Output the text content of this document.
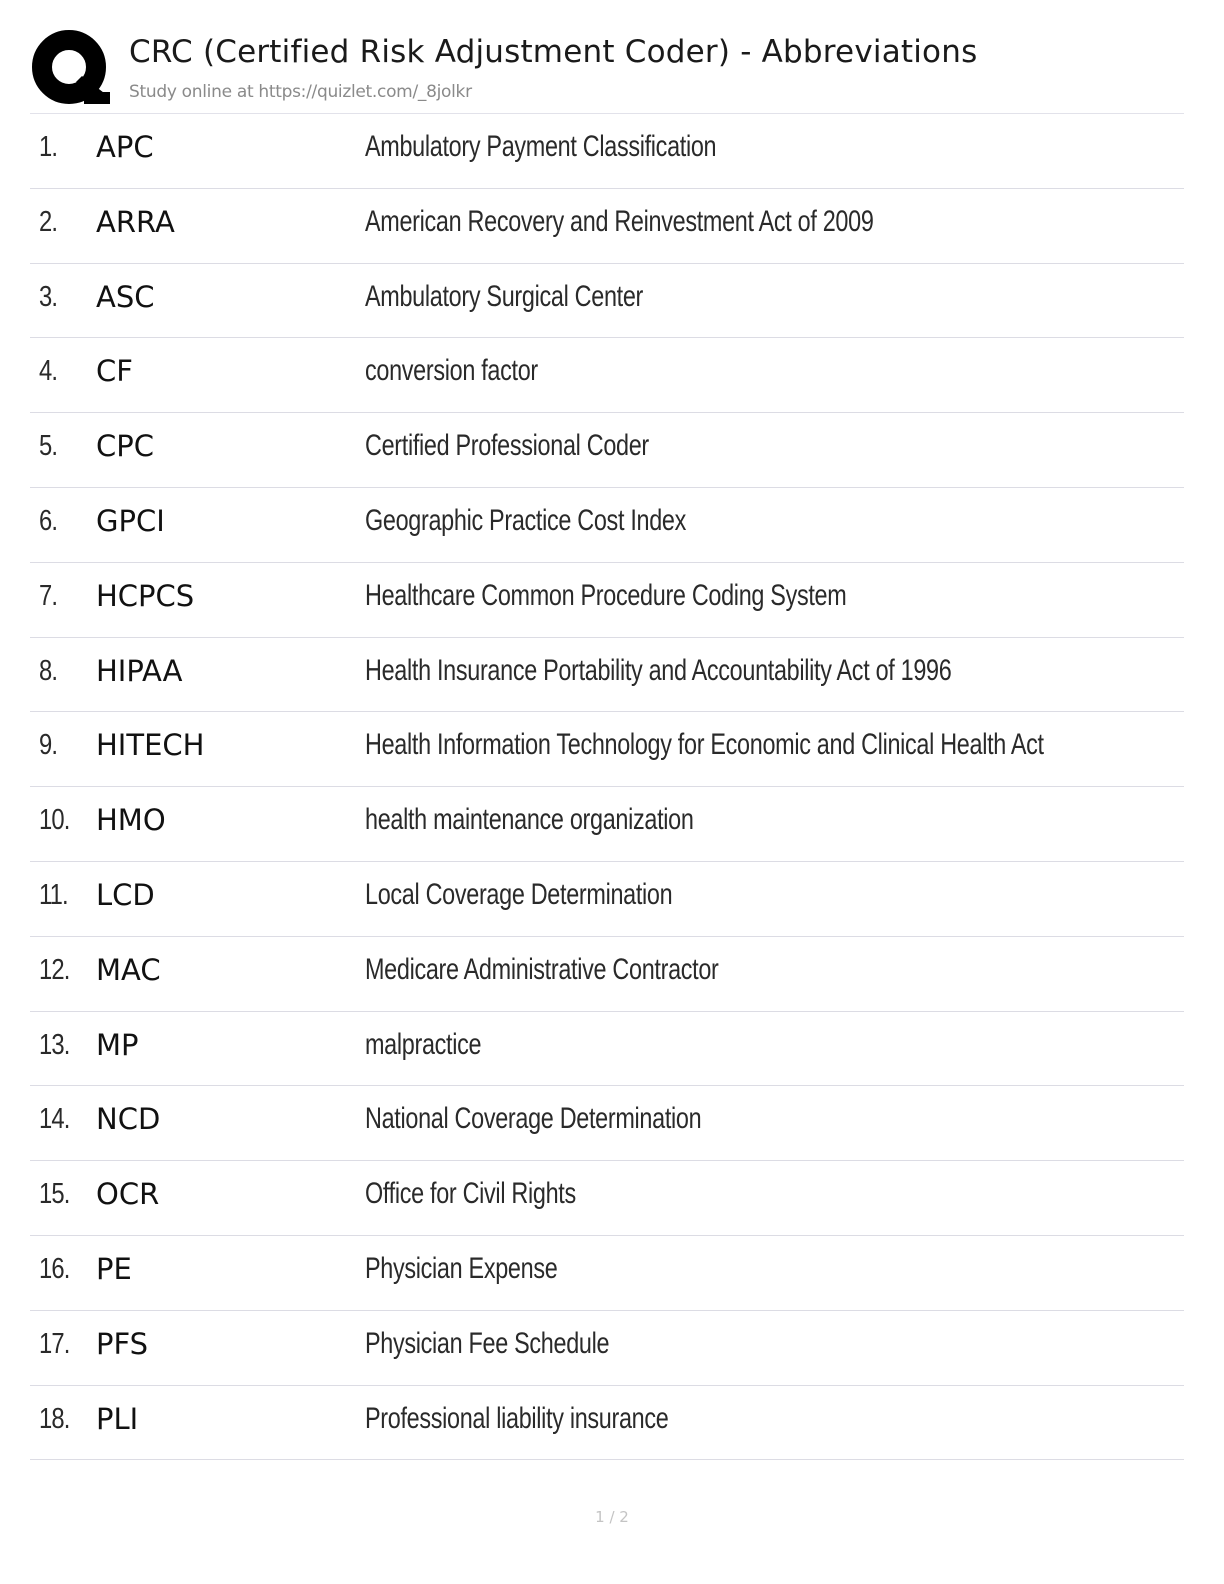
CRC (Certified Risk Adjustment Coder) - Abbreviations
Study online at https://quizlet.com/_8jolkr
1. APC	Ambulatory Payment Classification
2. ARRA	American Recovery and Reinvestment Act of 2009
3. ASC	Ambulatory Surgical Center
4. CF	conversion factor
5. CPC	Certified Professional Coder
6. GPCI	Geographic Practice Cost Index
7. HCPCS	Healthcare Common Procedure Coding System
8. HIPAA	Health Insurance Portability and Accountability Act of 1996
9. HITECH	Health Information Technology for Economic and Clinical Health Act
10. HMO	health maintenance organization
11. LCD	Local Coverage Determination
12. MAC	Medicare Administrative Contractor
13. MP	malpractice
14. NCD	National Coverage Determination
15. OCR	Office for Civil Rights
16. PE	Physician Expense
17. PFS	Physician Fee Schedule
18. PLI	Professional liability insurance
1 / 2
